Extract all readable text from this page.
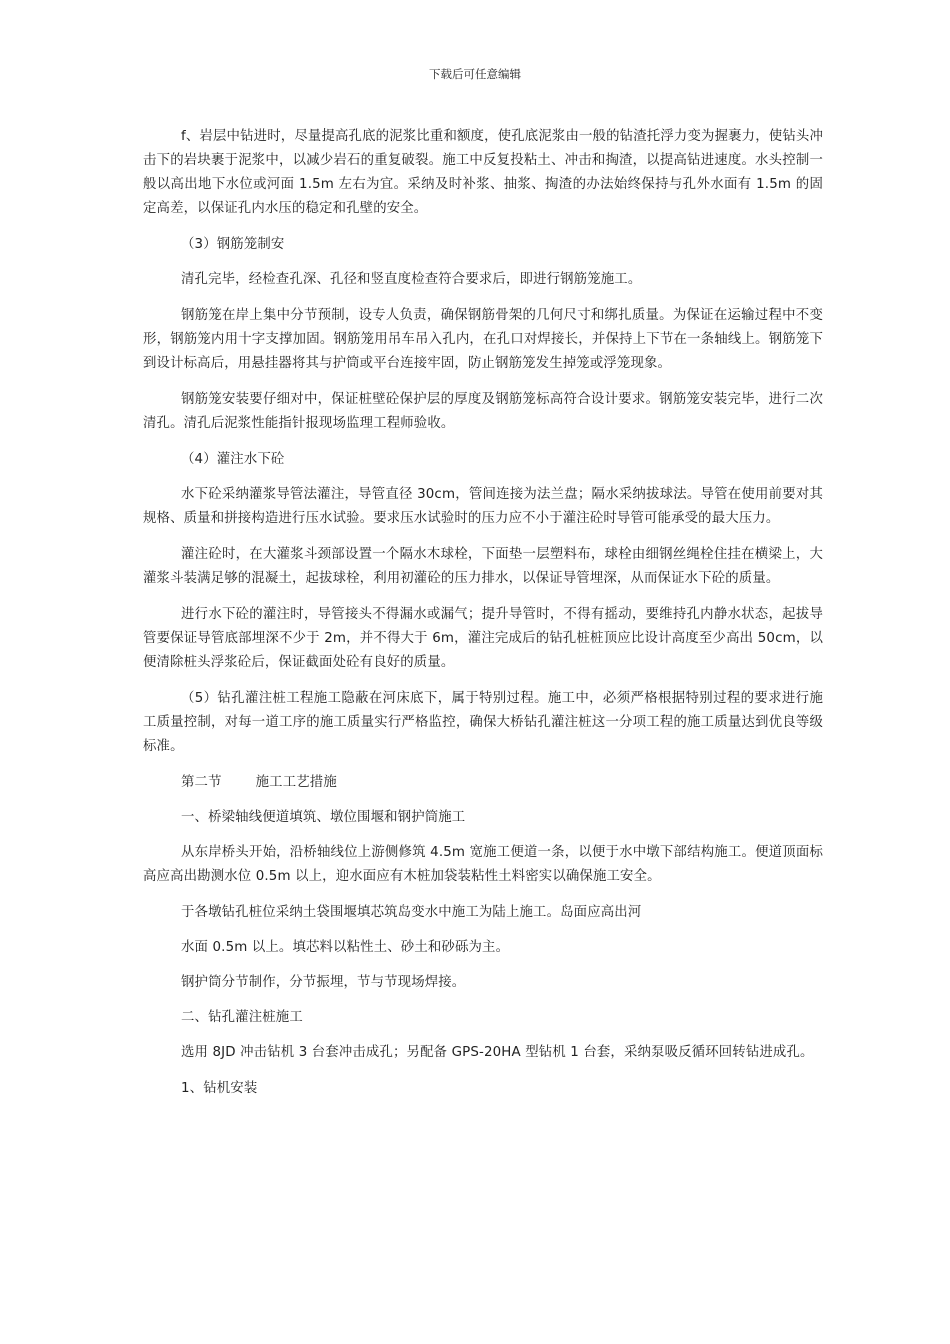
下载后可任意编辑

f、岩层中钻进时，尽量提高孔底的泥浆比重和额度，使孔底泥浆由一般的钻渣托浮力变为握裹力，使钻头冲击下的岩块裹于泥浆中，以减少岩石的重复破裂。施工中反复投粘土、冲击和掏渣，以提高钻进速度。水头控制一般以高出地下水位或河面 1.5m 左右为宜。采纳及时补浆、抽浆、掏渣的办法始终保持与孔外水面有 1.5m 的固定高差，以保证孔内水压的稳定和孔壁的安全。

（3）钢筋笼制安

清孔完毕，经检查孔深、孔径和竖直度检查符合要求后，即进行钢筋笼施工。

钢筋笼在岸上集中分节预制，设专人负责，确保钢筋骨架的几何尺寸和绑扎质量。为保证在运输过程中不变形，钢筋笼内用十字支撑加固。钢筋笼用吊车吊入孔内，在孔口对焊接长，并保持上下节在一条轴线上。钢筋笼下到设计标高后，用悬挂器将其与护筒或平台连接牢固，防止钢筋笼发生掉笼或浮笼现象。

钢筋笼安装要仔细对中，保证桩壁砼保护层的厚度及钢筋笼标高符合设计要求。钢筋笼安装完毕，进行二次清孔。清孔后泥浆性能指针报现场监理工程师验收。

（4）灌注水下砼

水下砼采纳灌浆导管法灌注，导管直径 30cm，管间连接为法兰盘；隔水采纳拔球法。导管在使用前要对其规格、质量和拼接构造进行压水试验。要求压水试验时的压力应不小于灌注砼时导管可能承受的最大压力。

灌注砼时，在大灌浆斗颈部设置一个隔水木球栓，下面垫一层塑料布，球栓由细钢丝绳栓住挂在横梁上，大灌浆斗装满足够的混凝土，起拔球栓，利用初灌砼的压力排水，以保证导管埋深，从而保证水下砼的质量。

进行水下砼的灌注时，导管接头不得漏水或漏气；提升导管时，不得有摇动，要维持孔内静水状态，起拔导管要保证导管底部埋深不少于 2m，并不得大于 6m，灌注完成后的钻孔桩桩顶应比设计高度至少高出 50cm，以便清除桩头浮浆砼后，保证截面处砼有良好的质量。

（5）钻孔灌注桩工程施工隐蔽在河床底下，属于特别过程。施工中，必须严格根据特别过程的要求进行施工质量控制，对每一道工序的施工质量实行严格监控，确保大桥钻孔灌注桩这一分项工程的施工质量达到优良等级标准。

第二节	施工工艺措施

一、桥梁轴线便道填筑、墩位围堰和钢护筒施工

从东岸桥头开始，沿桥轴线位上游侧修筑 4.5m 宽施工便道一条，以便于水中墩下部结构施工。便道顶面标高应高出勘测水位 0.5m 以上，迎水面应有木桩加袋装粘性土料密实以确保施工安全。

于各墩钻孔桩位采纳土袋围堰填芯筑岛变水中施工为陆上施工。岛面应高出河

水面 0.5m 以上。填芯料以粘性土、砂土和砂砾为主。

钢护筒分节制作，分节振埋，节与节现场焊接。

二、钻孔灌注桩施工

选用 8JD 冲击钻机 3 台套冲击成孔；另配备 GPS-20HA 型钻机 1 台套，采纳泵吸反循环回转钻进成孔。

1、钻机安装
